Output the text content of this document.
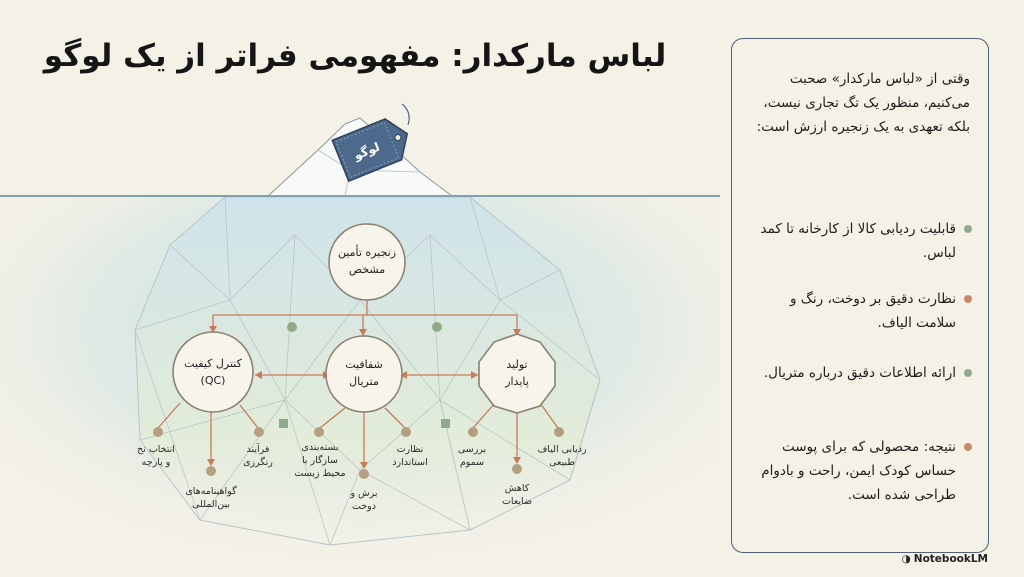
لباس مارکدار: مفهومی فراتر از یک لوگو
لوگو
زنجیره تأمین مشخص
کنترل کیفیت
(QC)
شفافیت
متریال
تولید
پایدار
انتخاب نخ
و پارچه
گواهینامه‌های
بین‌المللی
فرآیند
رنگرزی
بسته‌بندی
سازگار با
محیط زیست
برش و
دوخت
نظارت
استاندارد
بررسی
سموم
کاهش
ضایعات
ردیابی الیاف
طبیعی
وقتی از «لباس مارکدار» صحبت می‌کنیم، منظور یک تگ تجاری نیست، بلکه تعهدی به یک زنجیره ارزش است:
قابلیت ردیابی کالا از کارخانه تا کمد لباس.
نظارت دقیق بر دوخت، رنگ و سلامت الیاف.
ارائه اطلاعات دقیق درباره متریال.
نتیجه: محصولی که برای پوست حساس کودک ایمن، راحت و بادوام طراحی شده است.
◑ NotebookLM
